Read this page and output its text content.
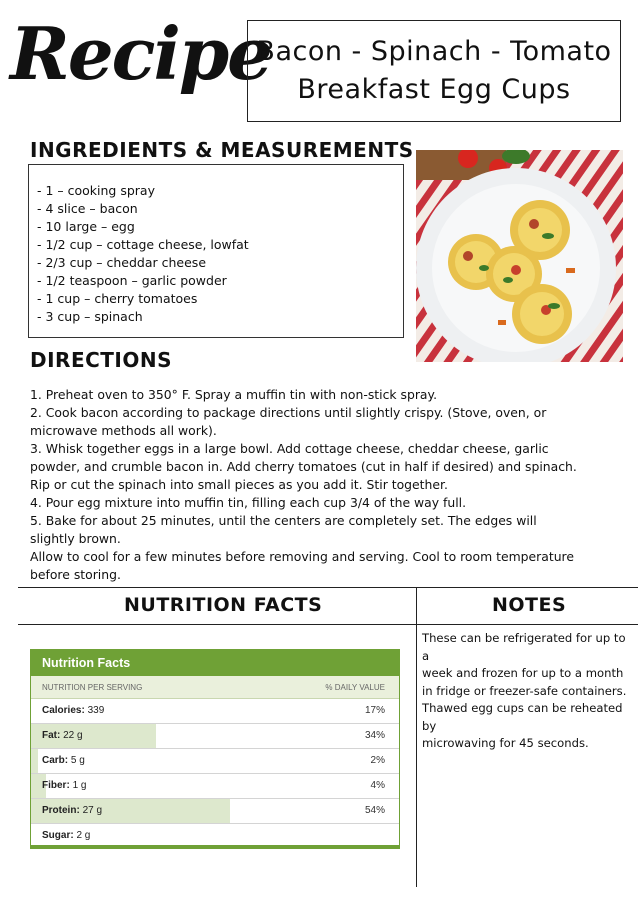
Recipe
Bacon - Spinach - Tomato
Breakfast Egg Cups
INGREDIENTS & MEASUREMENTS
- 1 – cooking spray
- 4 slice – bacon
- 10 large – egg
- 1/2 cup – cottage cheese, lowfat
- 2/3 cup – cheddar cheese
- 1/2 teaspoon – garlic powder
- 1 cup – cherry tomatoes
- 3 cup – spinach
DIRECTIONS
1. Preheat oven to 350° F. Spray a muffin tin with non-stick spray.
2. Cook bacon according to package directions until slightly crispy. (Stove, oven, or
microwave methods all work).
3. Whisk together eggs in a large bowl. Add cottage cheese, cheddar cheese, garlic
powder, and crumble bacon in. Add cherry tomatoes (cut in half if desired) and spinach.
Rip or cut the spinach into small pieces as you add it. Stir together.
4. Pour egg mixture into muffin tin, filling each cup 3/4 of the way full.
5. Bake for about 25 minutes, until the centers are completely set. The edges will
slightly brown.
Allow to cool for a few minutes before removing and serving. Cool to room temperature
before storing.
NUTRITION FACTS	NOTES
These can be refrigerated for up to a
week and frozen for up to a month
in fridge or freezer-safe containers.
Thawed egg cups can be reheated by
microwaving for 45 seconds.
Nutrition Facts
NUTRITION PER SERVING	% DAILY VALUE
Calories: 339	17%
Fat: 22 g	34%
Carb: 5 g	2%
Fiber: 1 g	4%
Protein: 27 g	54%
Sugar: 2 g
